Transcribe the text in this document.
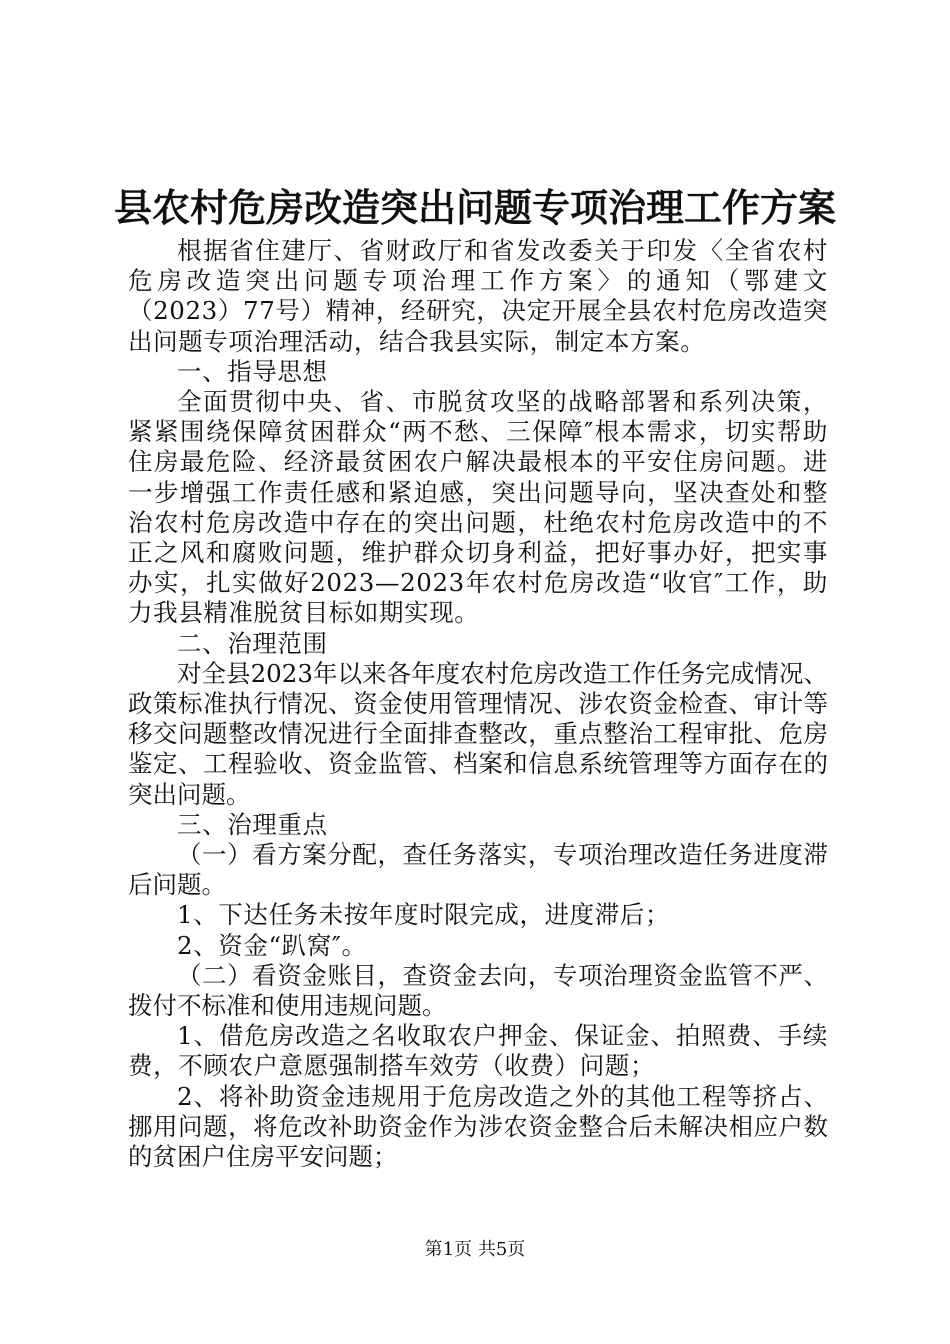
县农村危房改造突出问题专项治理工作方案

根据省住建厅、省财政厅和省发改委关于印发〈全省农村危房改造突出问题专项治理工作方案〉的通知（鄂建文（2023）77号）精神，经研究，决定开展全县农村危房改造突出问题专项治理活动，结合我县实际，制定本方案。

一、指导思想

全面贯彻中央、省、市脱贫攻坚的战略部署和系列决策，紧紧围绕保障贫困群众“两不愁、三保障″根本需求，切实帮助住房最危险、经济最贫困农户解决最根本的平安住房问题。进一步增强工作责任感和紧迫感，突出问题导向，坚决查处和整治农村危房改造中存在的突出问题，杜绝农村危房改造中的不正之风和腐败问题，维护群众切身利益，把好事办好，把实事办实，扎实做好2023—2023年农村危房改造“收官″工作，助力我县精准脱贫目标如期实现。

二、治理范围

对全县2023年以来各年度农村危房改造工作任务完成情况、政策标准执行情况、资金使用管理情况、涉农资金检查、审计等移交问题整改情况进行全面排查整改，重点整治工程审批、危房鉴定、工程验收、资金监管、档案和信息系统管理等方面存在的突出问题。

三、治理重点

（一）看方案分配，查任务落实，专项治理改造任务进度滞后问题。

1、下达任务未按年度时限完成，进度滞后；

2、资金“趴窝″。

（二）看资金账目，查资金去向，专项治理资金监管不严、拨付不标准和使用违规问题。

1、借危房改造之名收取农户押金、保证金、拍照费、手续费，不顾农户意愿强制搭车效劳（收费）问题；

2、将补助资金违规用于危房改造之外的其他工程等挤占、挪用问题，将危改补助资金作为涉农资金整合后未解决相应户数的贫困户住房平安问题；

第1页 共5页
